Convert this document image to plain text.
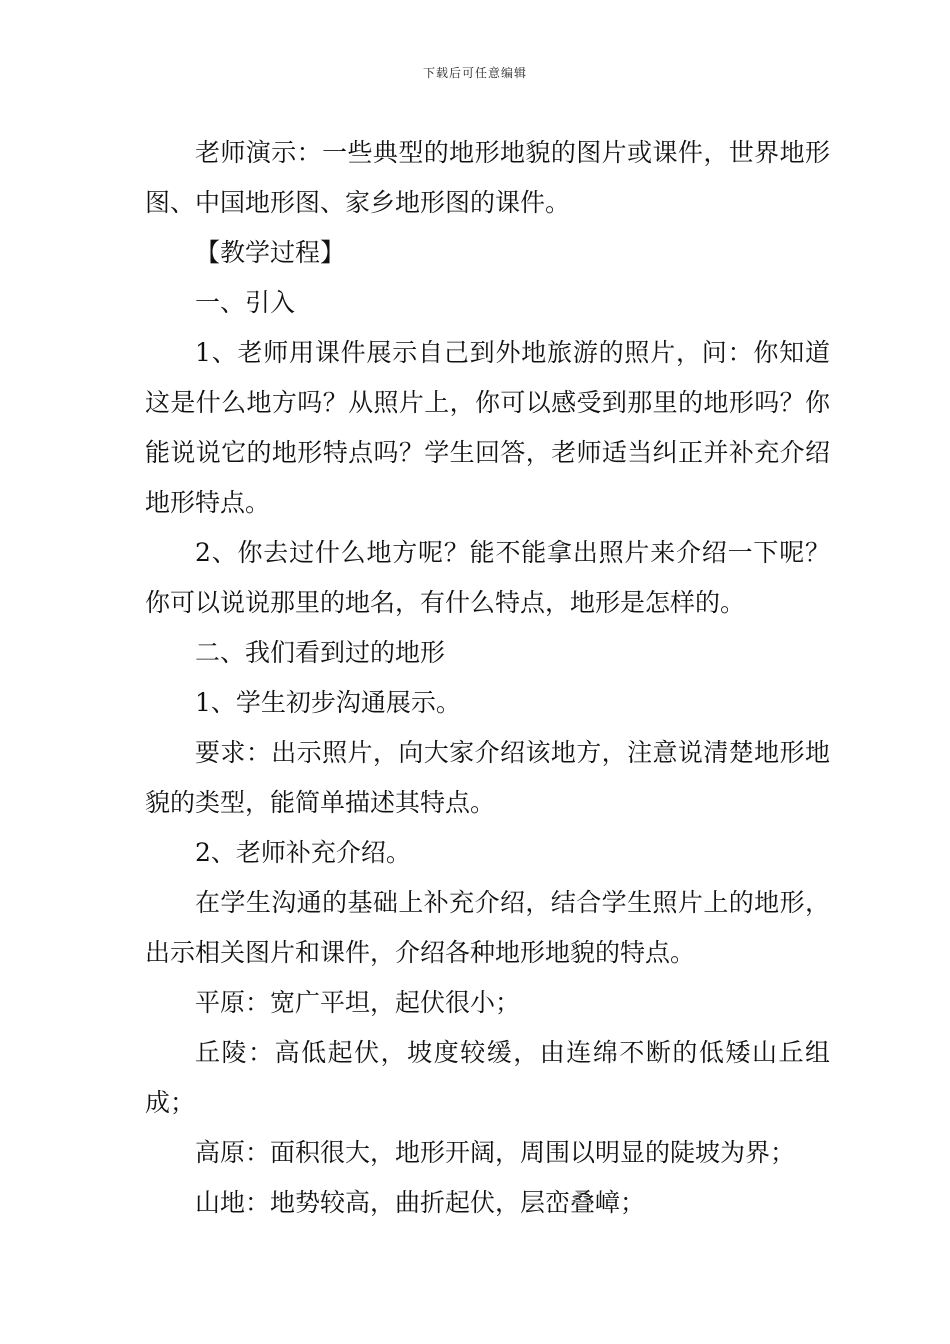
下载后可任意编辑

老师演示：一些典型的地形地貌的图片或课件，世界地形图、中国地形图、家乡地形图的课件。

【教学过程】

一、引入

1、老师用课件展示自己到外地旅游的照片，问：你知道这是什么地方吗？从照片上，你可以感受到那里的地形吗？你能说说它的地形特点吗？学生回答，老师适当纠正并补充介绍地形特点。

2、你去过什么地方呢？能不能拿出照片来介绍一下呢？你可以说说那里的地名，有什么特点，地形是怎样的。

二、我们看到过的地形

1、学生初步沟通展示。

要求：出示照片，向大家介绍该地方，注意说清楚地形地貌的类型，能简单描述其特点。

2、老师补充介绍。

在学生沟通的基础上补充介绍，结合学生照片上的地形，出示相关图片和课件，介绍各种地形地貌的特点。

平原：宽广平坦，起伏很小；

丘陵：高低起伏，坡度较缓，由连绵不断的低矮山丘组成；

高原：面积很大，地形开阔，周围以明显的陡坡为界；

山地：地势较高，曲折起伏，层峦叠嶂；
